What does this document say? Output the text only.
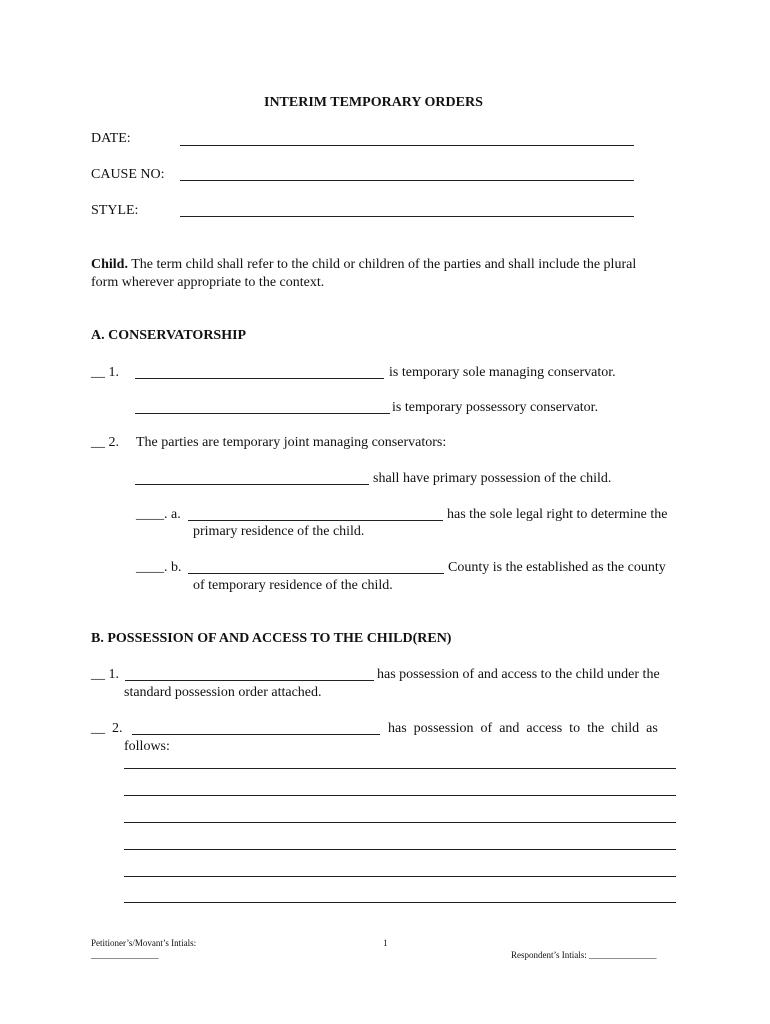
INTERIM TEMPORARY ORDERS
DATE:
CAUSE NO:
STYLE:
Child. The term child shall refer to the child or children of the parties and shall include the plural
form wherever appropriate to the context.
A. CONSERVATORSHIP
__ 1.	is temporary sole managing conservator.
is temporary possessory conservator.
__ 2. The parties are temporary joint managing conservators:
shall have primary possession of the child.
____. a.	has the sole legal right to determine the
primary residence of the child.
____. b.	County is the established as the county
of temporary residence of the child.
B. POSSESSION OF AND ACCESS TO THE CHILD(REN)
__ 1.	has possession of and access to the child under the
standard possession order attached.
__  2.	has  possession  of  and  access  to  the  child  as
follows:
Petitioner’s/Movant’s Intials:
_______________
1
Respondent’s Intials: _______________
